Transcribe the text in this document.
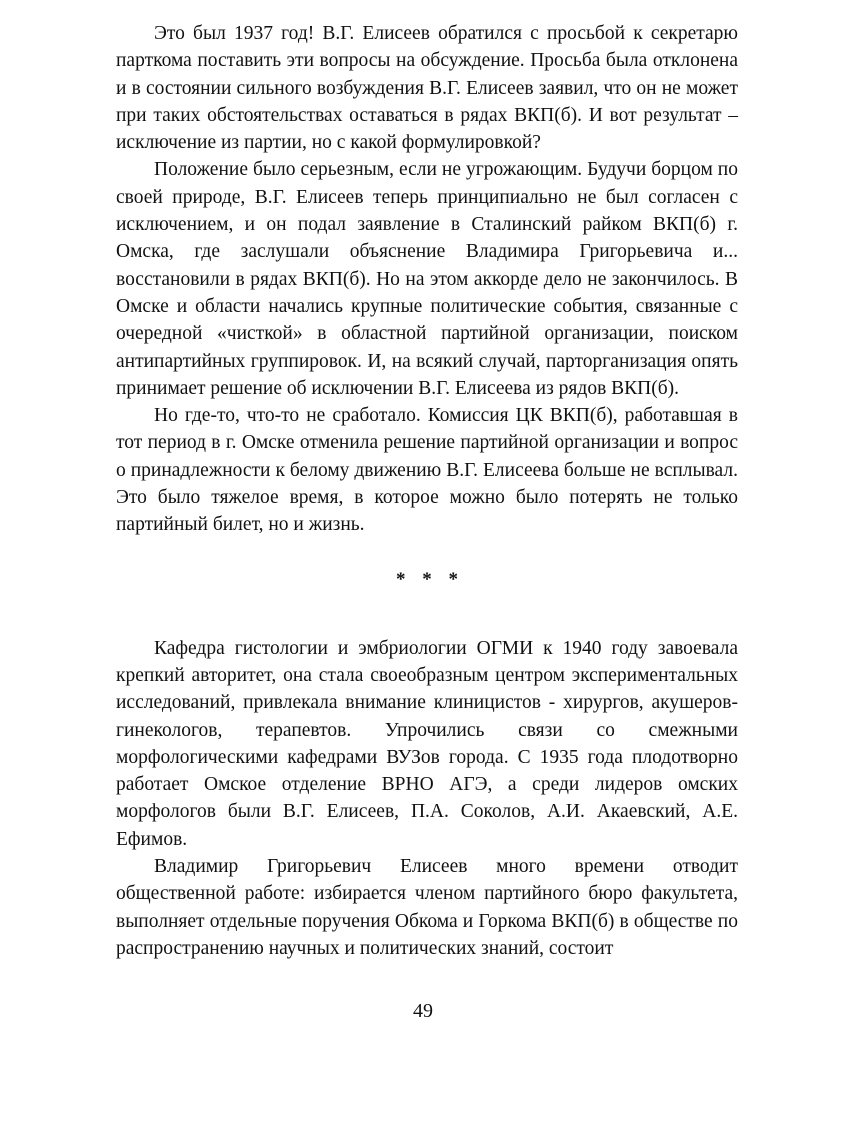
Это был 1937 год! В.Г. Елисеев обратился с просьбой к секретарю парткома поставить эти вопросы на обсуждение. Просьба была отклонена и в состоянии сильного возбуждения В.Г. Елисеев заявил, что он не может при таких обстоятельствах оставаться в рядах ВКП(б). И вот результат – исключение из партии, но с какой формулировкой?

Положение было серьезным, если не угрожающим. Будучи борцом по своей природе, В.Г. Елисеев теперь принципиально не был согласен с исключением, и он подал заявление в Сталинский райком ВКП(б) г. Омска, где заслушали объяснение Владимира Григорьевича и... восстановили в рядах ВКП(б). Но на этом аккорде дело не закончилось. В Омске и области начались крупные политические события, связанные с очередной «чисткой» в областной партийной организации, поиском антипартийных группировок. И, на всякий случай, парторганизация опять принимает решение об исключении В.Г. Елисеева из рядов ВКП(б).

Но где-то, что-то не сработало. Комиссия ЦК ВКП(б), работавшая в тот период в г. Омске отменила решение партийной организации и вопрос о принадлежности к белому движению В.Г. Елисеева больше не всплывал. Это было тяжелое время, в которое можно было потерять не только партийный билет, но и жизнь.

* * *

Кафедра гистологии и эмбриологии ОГМИ к 1940 году завоевала крепкий авторитет, она стала своеобразным центром экспериментальных исследований, привлекала внимание клиницистов - хирургов, акушеров-гинекологов, терапевтов. Упрочились связи со смежными морфологическими кафедрами ВУЗов города. С 1935 года плодотворно работает Омское отделение ВРНО АГЭ, а среди лидеров омских морфологов были В.Г. Елисеев, П.А. Соколов, А.И. Акаевский, А.Е. Ефимов.

Владимир Григорьевич Елисеев много времени отводит общественной работе: избирается членом партийного бюро факультета, выполняет отдельные поручения Обкома и Горкома ВКП(б) в обществе по распространению научных и политических знаний, состоит

49
